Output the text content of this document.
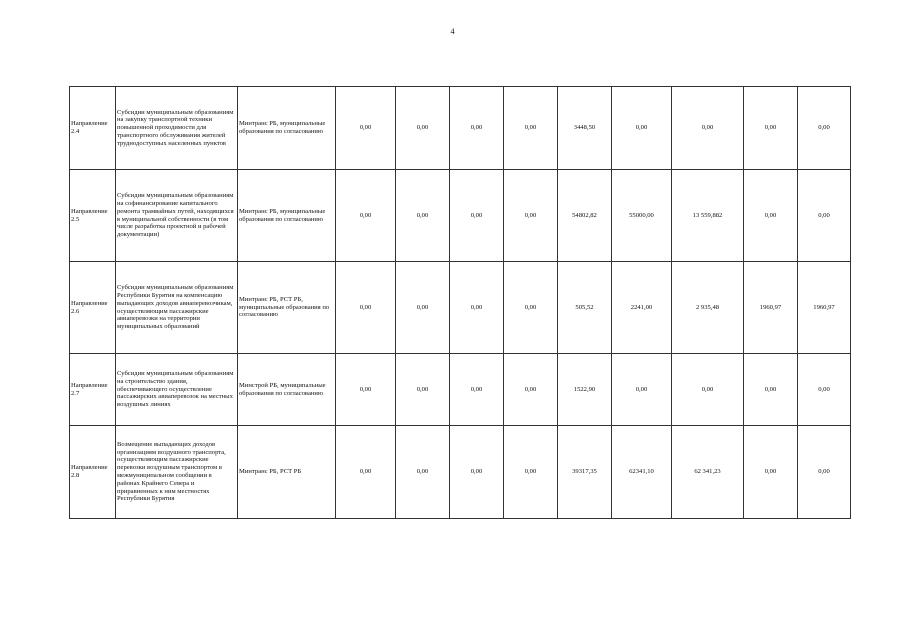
4
Направление 2.4	Субсидии муниципальным образованиям на закупку транспортной техники повышенной проходимости для транспортного обслуживания жителей труднодоступных населенных пунктов	Минтранс РБ, муниципальные образования по согласованию	0,00	0,00	0,00	0,00	3448,50	0,00	0,00	0,00	0,00
Направление 2.5	Субсидии муниципальным образованиям на софинансирование капитального ремонта трамвайных путей, находящихся в муниципальной собственности (в том числе разработка проектной и рабочей документации)	Минтранс РБ, муниципальные образования по согласованию	0,00	0,00	0,00	0,00	54802,82	55000,00	13 559,882	0,00	0,00
Направление 2.6	Субсидии муниципальным образованиям Республики Бурятия на компенсацию выпадающих доходов авиаперевозчикам, осуществляющим пассажирские авиаперевозки на территории муниципальных образований	Минтранс РБ, РСТ РБ, муниципальные образования по согласованию	0,00	0,00	0,00	0,00	505,52	2241,00	2 935,48	1960,97	1960,97
Направление 2.7	Субсидии муниципальным образованиям на строительство здания, обеспечивающего осуществление пассажирских авиаперевозок на местных воздушных линиях	Минстрой РБ, муниципальные образования по согласованию	0,00	0,00	0,00	0,00	1522,90	0,00	0,00	0,00	0,00
Направление 2.8	Возмещение выпадающих доходов организациям воздушного транспорта, осуществляющим пассажирские перевозки воздушным транспортом в межмуниципальном сообщении в районах Крайнего Севера и приравненных к ним местностях Республики Бурятия	Минтранс РБ, РСТ РБ	0,00	0,00	0,00	0,00	39317,35	62341,10	62 341,23	0,00	0,00
